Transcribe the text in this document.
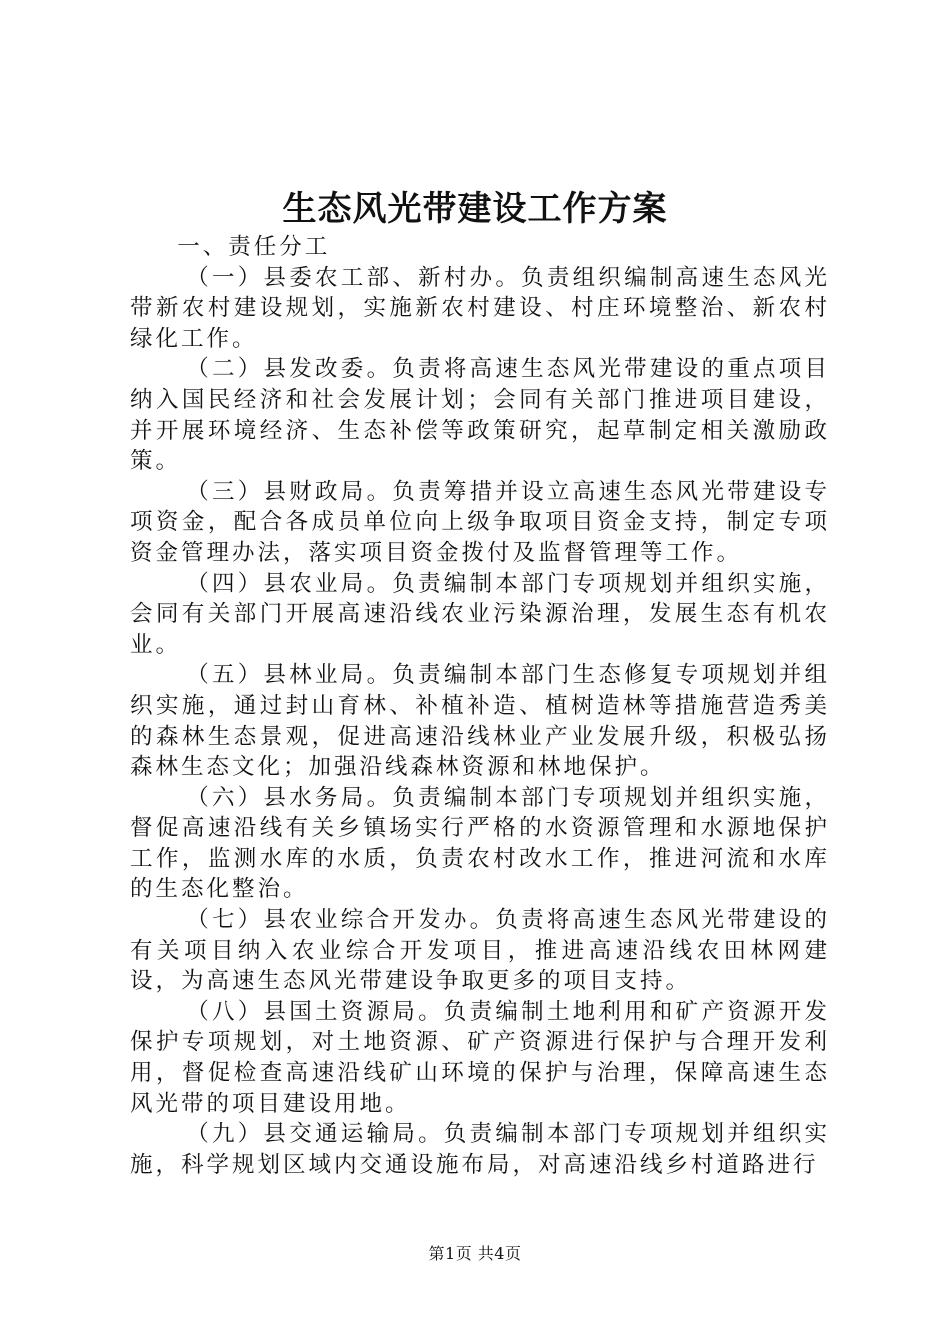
生态风光带建设工作方案

一、责任分工

（一）县委农工部、新村办。负责组织编制高速生态风光带新农村建设规划，实施新农村建设、村庄环境整治、新农村绿化工作。

（二）县发改委。负责将高速生态风光带建设的重点项目纳入国民经济和社会发展计划；会同有关部门推进项目建设，并开展环境经济、生态补偿等政策研究，起草制定相关激励政策。

（三）县财政局。负责筹措并设立高速生态风光带建设专项资金，配合各成员单位向上级争取项目资金支持，制定专项资金管理办法，落实项目资金拨付及监督管理等工作。

（四）县农业局。负责编制本部门专项规划并组织实施，会同有关部门开展高速沿线农业污染源治理，发展生态有机农业。

（五）县林业局。负责编制本部门生态修复专项规划并组织实施，通过封山育林、补植补造、植树造林等措施营造秀美的森林生态景观，促进高速沿线林业产业发展升级，积极弘扬森林生态文化；加强沿线森林资源和林地保护。

（六）县水务局。负责编制本部门专项规划并组织实施，督促高速沿线有关乡镇场实行严格的水资源管理和水源地保护工作，监测水库的水质，负责农村改水工作，推进河流和水库的生态化整治。

（七）县农业综合开发办。负责将高速生态风光带建设的有关项目纳入农业综合开发项目，推进高速沿线农田林网建设，为高速生态风光带建设争取更多的项目支持。

（八）县国土资源局。负责编制土地利用和矿产资源开发保护专项规划，对土地资源、矿产资源进行保护与合理开发利用，督促检查高速沿线矿山环境的保护与治理，保障高速生态风光带的项目建设用地。

（九）县交通运输局。负责编制本部门专项规划并组织实施，科学规划区域内交通设施布局，对高速沿线乡村道路进行

第1页 共4页
